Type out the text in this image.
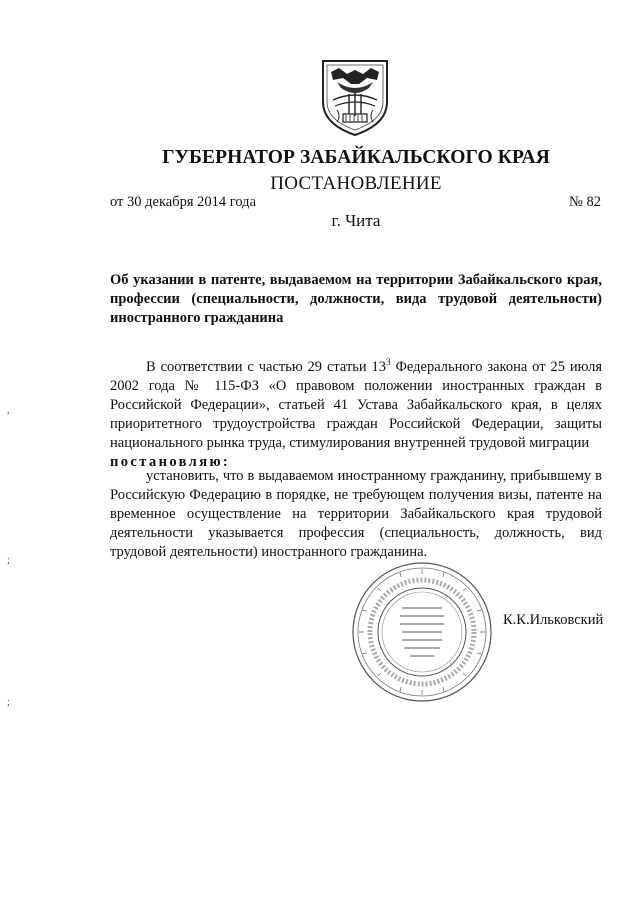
ГУБЕРНАТОР ЗАБАЙКАЛЬСКОГО КРАЯ
ПОСТАНОВЛЕНИЕ
от 30 декабря 2014 года	№ 82
г. Чита
Об указании в патенте, выдаваемом на территории Забайкальского края, профессии (специальности, должности, вида трудовой деятельности) иностранного гражданина
В соответствии с частью 29 статьи $13^3$ Федерального закона от 25 июля 2002 года № 115-ФЗ «О правовом положении иностранных граждан в Российской Федерации», статьей 41 Устава Забайкальского края, в целях приоритетного трудоустройства граждан Российской Федерации, защиты национального рынка труда, стимулирования внутренней трудовой миграции
постановляю:
установить, что в выдаваемом иностранному гражданину, прибывшему в Российскую Федерацию в порядке, не требующем получения визы, патенте на временное осуществление на территории Забайкальского края трудовой деятельности указывается профессия (специальность, должность, вид трудовой деятельности) иностранного гражданина.
К.К.Ильковский
,
;
;
